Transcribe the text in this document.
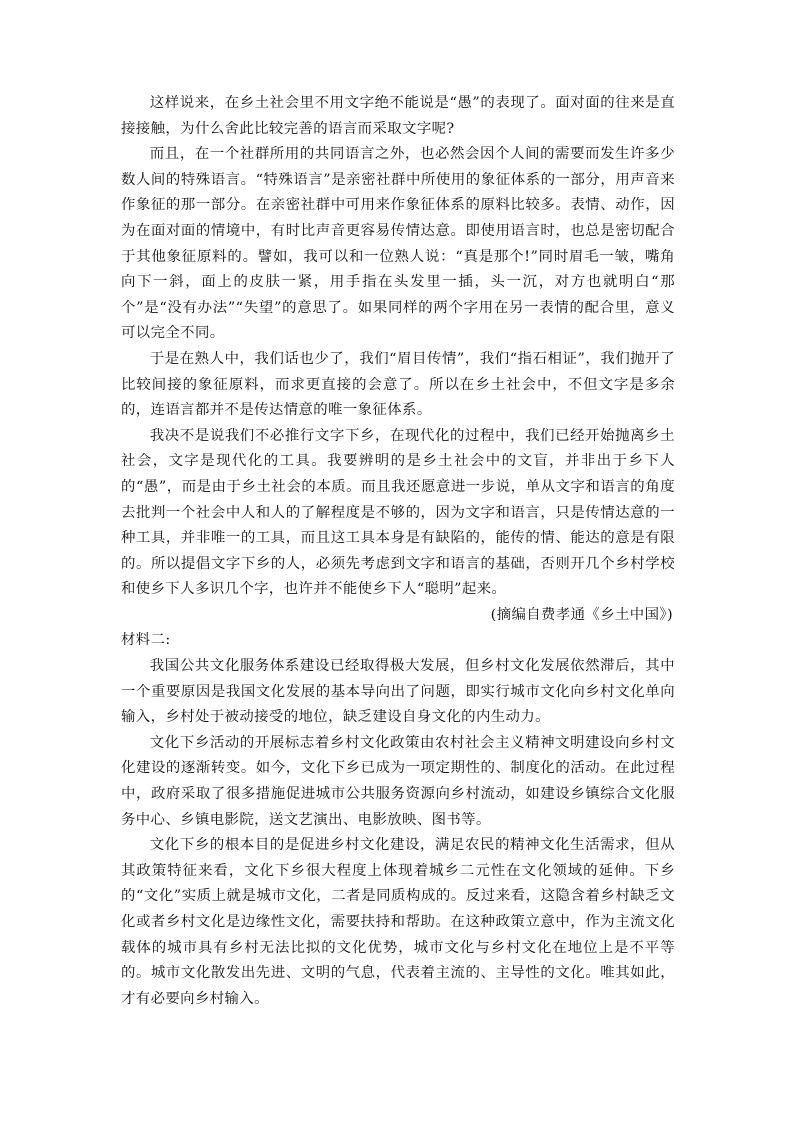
这样说来，在乡土社会里不用文字绝不能说是“愚”的表现了。面对面的往来是直接接触，为什么舍此比较完善的语言而采取文字呢?

而且，在一个社群所用的共同语言之外，也必然会因个人间的需要而发生许多少数人间的特殊语言。“特殊语言”是亲密社群中所使用的象征体系的一部分，用声音来作象征的那一部分。在亲密社群中可用来作象征体系的原料比较多。表情、动作，因为在面对面的情境中，有时比声音更容易传情达意。即使用语言时，也总是密切配合于其他象征原料的。譬如，我可以和一位熟人说：“真是那个!”同时眉毛一皱，嘴角向下一斜，面上的皮肤一紧，用手指在头发里一插，头一沉，对方也就明白“那个”是“没有办法”“失望”的意思了。如果同样的两个字用在另一表情的配合里，意义可以完全不同。

于是在熟人中，我们话也少了，我们“眉目传情”，我们“指石相证”，我们抛开了比较间接的象征原料，而求更直接的会意了。所以在乡土社会中，不但文字是多余的，连语言都并不是传达情意的唯一象征体系。

我决不是说我们不必推行文字下乡，在现代化的过程中，我们已经开始抛离乡土社会，文字是现代化的工具。我要辨明的是乡土社会中的文盲，并非出于乡下人的“愚”，而是由于乡土社会的本质。而且我还愿意进一步说，单从文字和语言的角度去批判一个社会中人和人的了解程度是不够的，因为文字和语言，只是传情达意的一种工具，并非唯一的工具，而且这工具本身是有缺陷的，能传的情、能达的意是有限的。所以提倡文字下乡的人，必须先考虑到文字和语言的基础，否则开几个乡村学校和使乡下人多识几个字，也许并不能使乡下人“聪明”起来。

(摘编自费孝通《乡土中国》)

材料二:

我国公共文化服务体系建设已经取得极大发展，但乡村文化发展依然滞后，其中一个重要原因是我国文化发展的基本导向出了问题，即实行城市文化向乡村文化单向输入，乡村处于被动接受的地位，缺乏建设自身文化的内生动力。

文化下乡活动的开展标志着乡村文化政策由农村社会主义精神文明建设向乡村文化建设的逐渐转变。如今，文化下乡已成为一项定期性的、制度化的活动。在此过程中，政府采取了很多措施促进城市公共服务资源向乡村流动，如建设乡镇综合文化服务中心、乡镇电影院，送文艺演出、电影放映、图书等。

文化下乡的根本目的是促进乡村文化建设，满足农民的精神文化生活需求，但从其政策特征来看，文化下乡很大程度上体现着城乡二元性在文化领域的延伸。下乡的“文化”实质上就是城市文化，二者是同质构成的。反过来看，这隐含着乡村缺乏文化或者乡村文化是边缘性文化，需要扶持和帮助。在这种政策立意中，作为主流文化载体的城市具有乡村无法比拟的文化优势，城市文化与乡村文化在地位上是不平等的。城市文化散发出先进、文明的气息，代表着主流的、主导性的文化。唯其如此，才有必要向乡村输入。
